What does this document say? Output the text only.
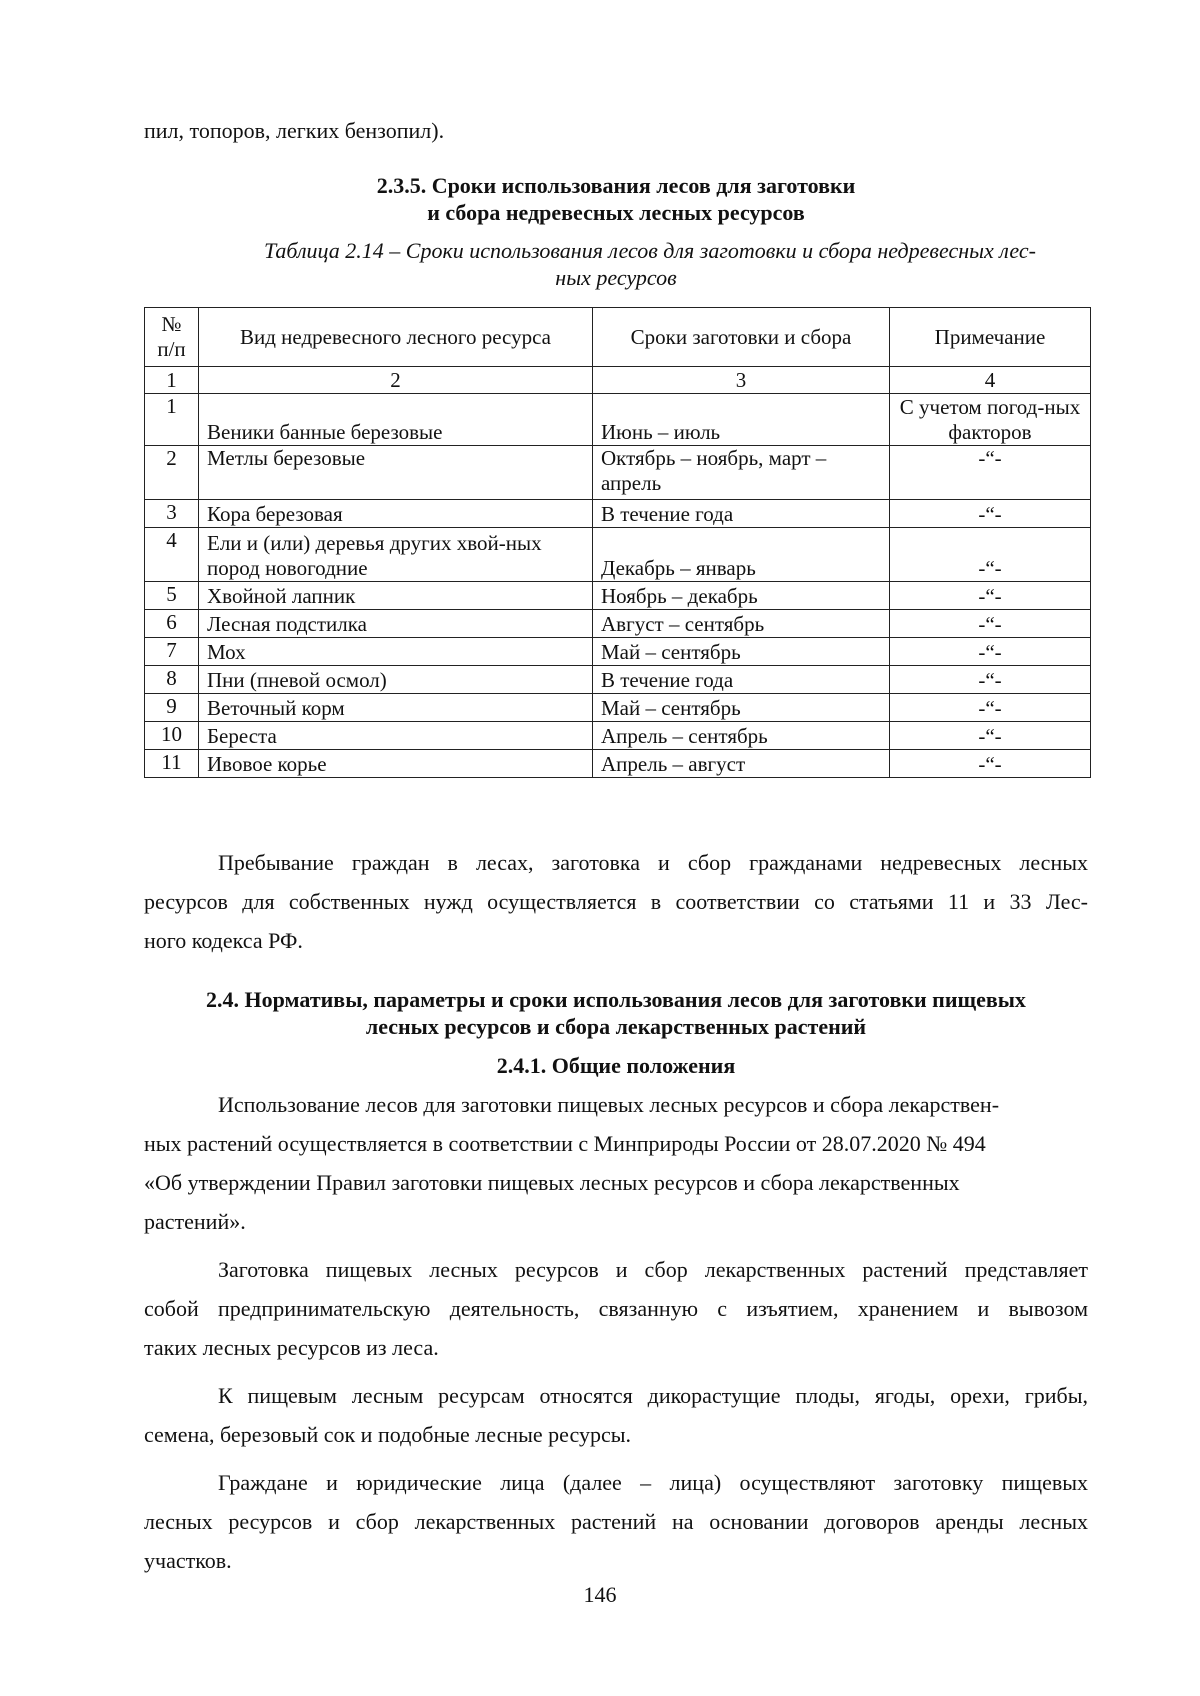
пил, топоров, легких бензопил).
2.3.5. Сроки использования лесов для заготовки
и сбора недревесных лесных ресурсов
Таблица 2.14 – Сроки использования лесов для заготовки и сбора недревесных лес-
ных ресурсов
№ п/п	Вид недревесного лесного ресурса	Сроки заготовки и сбора	Примечание
1	2	3	4
1	Веники банные березовые	Июнь – июль	С учетом погод-ных факторов
2	Метлы березовые	Октябрь – ноябрь, март – апрель	-“-
3	Кора березовая	В течение года	-“-
4	Ели и (или) деревья других хвой-ных пород новогодние	Декабрь – январь	-“-
5	Хвойной лапник	Ноябрь – декабрь	-“-
6	Лесная подстилка	Август – сентябрь	-“-
7	Мох	Май – сентябрь	-“-
8	Пни (пневой осмол)	В течение года	-“-
9	Веточный корм	Май – сентябрь	-“-
10	Береста	Апрель – сентябрь	-“-
11	Ивовое корье	Апрель – август	-“-
Пребывание граждан в лесах, заготовка и сбор гражданами недревесных лесных
ресурсов для собственных нужд осуществляется в соответствии со статьями 11 и 33 Лес-
ного кодекса РФ.
2.4. Нормативы, параметры и сроки использования лесов для заготовки пищевых
лесных ресурсов и сбора лекарственных растений
2.4.1. Общие положения
Использование лесов для заготовки пищевых лесных ресурсов и сбора лекарствен-
ных растений осуществляется в соответствии с Минприроды России от 28.07.2020 № 494
«Об утверждении Правил заготовки пищевых лесных ресурсов и сбора лекарственных
растений».
Заготовка пищевых лесных ресурсов и сбор лекарственных растений представляет
собой предпринимательскую деятельность, связанную с изъятием, хранением и вывозом
таких лесных ресурсов из леса.
К пищевым лесным ресурсам относятся дикорастущие плоды, ягоды, орехи, грибы,
семена, березовый сок и подобные лесные ресурсы.
Граждане и юридические лица (далее – лица) осуществляют заготовку пищевых
лесных ресурсов и сбор лекарственных растений на основании договоров аренды лесных
участков.
146
